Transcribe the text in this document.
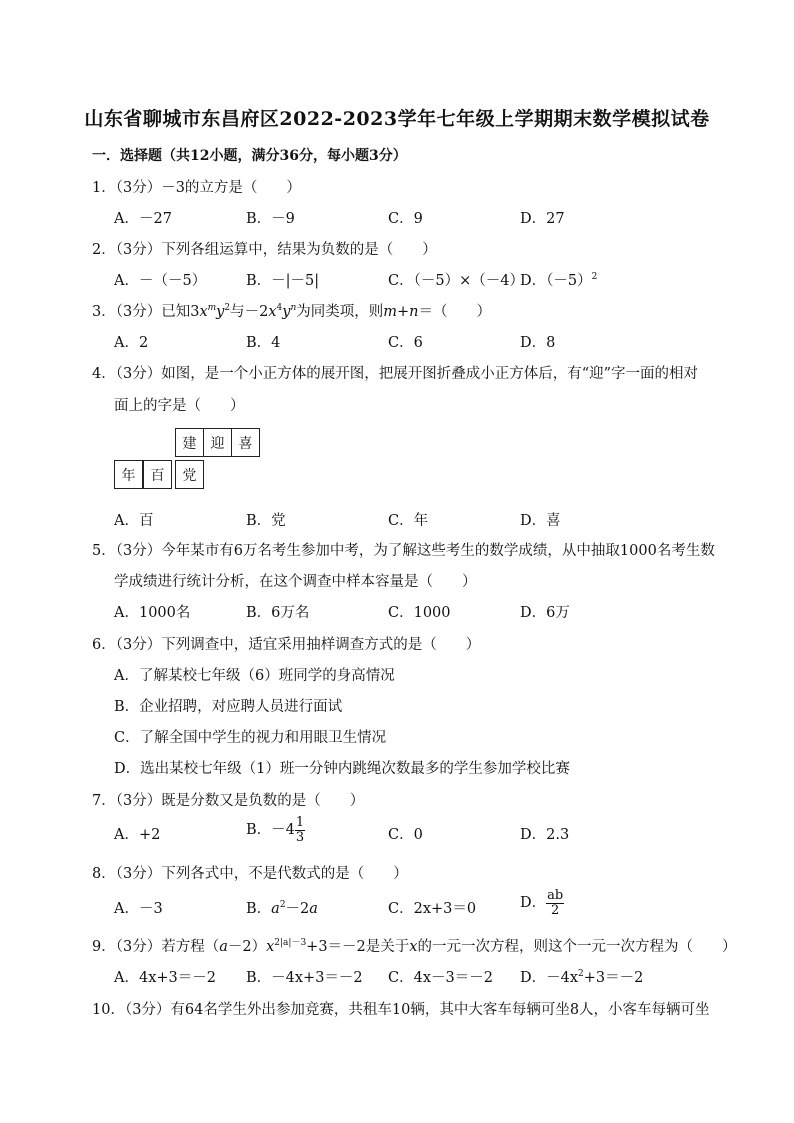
山东省聊城市东昌府区2022-2023学年七年级上学期期末数学模拟试卷
一．选择题（共12小题，满分36分，每小题3分）
1．（3分）－3的立方是（　　）
A．－27	B．－9	C．9	D．27
2．（3分）下列各组运算中，结果为负数的是（　　）
A．－（－5）	B．－|－5|	C．（－5）×（－4）
D．$(-5)^2$
3．（3分）已知$3x^my^2$与$-2x^4y^n$为同类项，则m+n＝（　　）
A．2	B．4	C．6	D．8
4．（3分）如图，是一个小正方体的展开图，把展开图折叠成小正方体后，有“迎”字一面的相对
面上的字是（　　）
建	迎	喜
年	百	党
A．百	B．党	C．年	D．喜
5．（3分）今年某市有6万名考生参加中考，为了解这些考生的数学成绩，从中抽取1000名考生数
学成绩进行统计分析，在这个调查中样本容量是（　　）
A．1000名	B．6万名	C．1000	D．6万
6．（3分）下列调查中，适宜采用抽样调查方式的是（　　）
A．了解某校七年级（6）班同学的身高情况
B．企业招聘，对应聘人员进行面试
C．了解全国中学生的视力和用眼卫生情况
D．选出某校七年级（1）班一分钟内跳绳次数最多的学生参加学校比赛
7．（3分）既是分数又是负数的是（　　）
A．+2	B．$-4 \frac{1}{3}$	C．0	D．2.3
8．（3分）下列各式中，不是代数式的是（　　）
A．－3	B．$a^2-2a$	C．2x+3＝0	D． $\frac{ab}{2}$
9．（3分）若方程$(a-2)x^{2|a|-3}+3=-2$是关于x的一元一次方程，则这个一元一次方程为（　　）
A．4x+3＝－2 B．－4x+3＝－2 C．4x－3＝－2 D．$-4x^2+3=-2$
10．（3分）有64名学生外出参加竞赛，共租车10辆，其中大客车每辆可坐8人，小客车每辆可坐
